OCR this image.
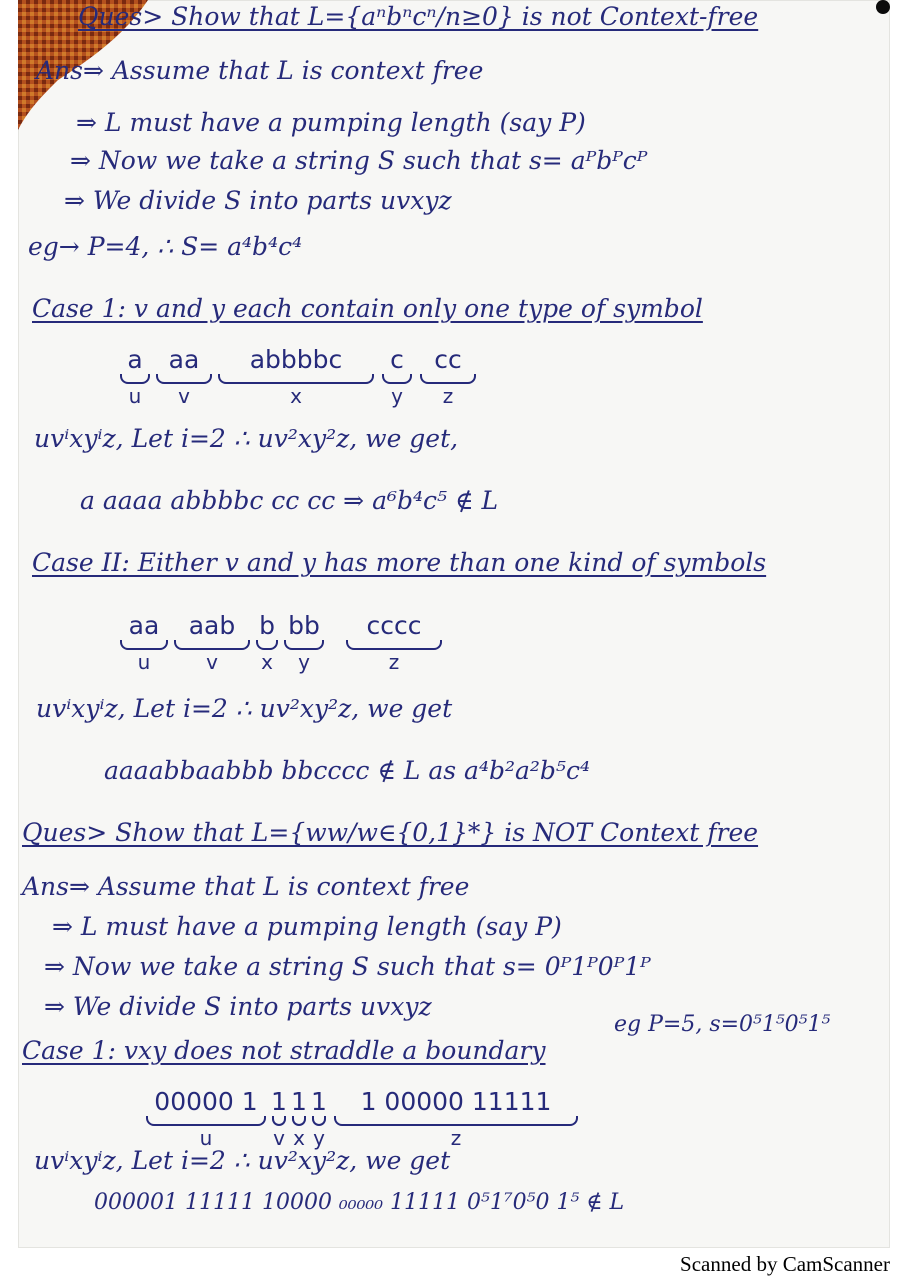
Ques> Show that L={aⁿbⁿcⁿ/n≥0} is not Context-free
Ans⇒ Assume that L is context free
⇒ L must have a pumping length (say P)
⇒ Now we take a string S such that s= aᴾbᴾcᴾ
⇒ We divide S into parts uvxyz
eg→ P=4, ∴ S= a⁴b⁴c⁴
Case 1: v and y each contain only one type of symbol
a
u
aa
v
abbbbc
x
c
y
cc
z
uvⁱxyⁱz, Let i=2 ∴ uv²xy²z, we get,
a aaaa abbbbc cc cc ⇒ a⁶b⁴c⁵ ∉ L
Case II: Either v and y has more than one kind of symbols
aa
u
aab
v
b
x
bb
y
cccc
z
uvⁱxyⁱz, Let i=2 ∴ uv²xy²z, we get
aaaabbaabbb bbcccc ∉ L as a⁴b²a²b⁵c⁴
Ques> Show that L={ww/w∈{0,1}*} is NOT Context free
Ans⇒ Assume that L is context free
⇒ L must have a pumping length (say P)
⇒ Now we take a string S such that s= 0ᴾ1ᴾ0ᴾ1ᴾ
⇒ We divide S into parts uvxyz
eg P=5, s=0⁵1⁵0⁵1⁵
Case 1: vxy does not straddle a boundary
00000 1
u
1
v
1
x
1
y
1 00000 11111
z
uvⁱxyⁱz, Let i=2 ∴ uv²xy²z, we get
000001 11111 10000 ₀₀₀₀₀ 11111 0⁵1⁷0⁵0 1⁵ ∉ L
Scanned by CamScanner
